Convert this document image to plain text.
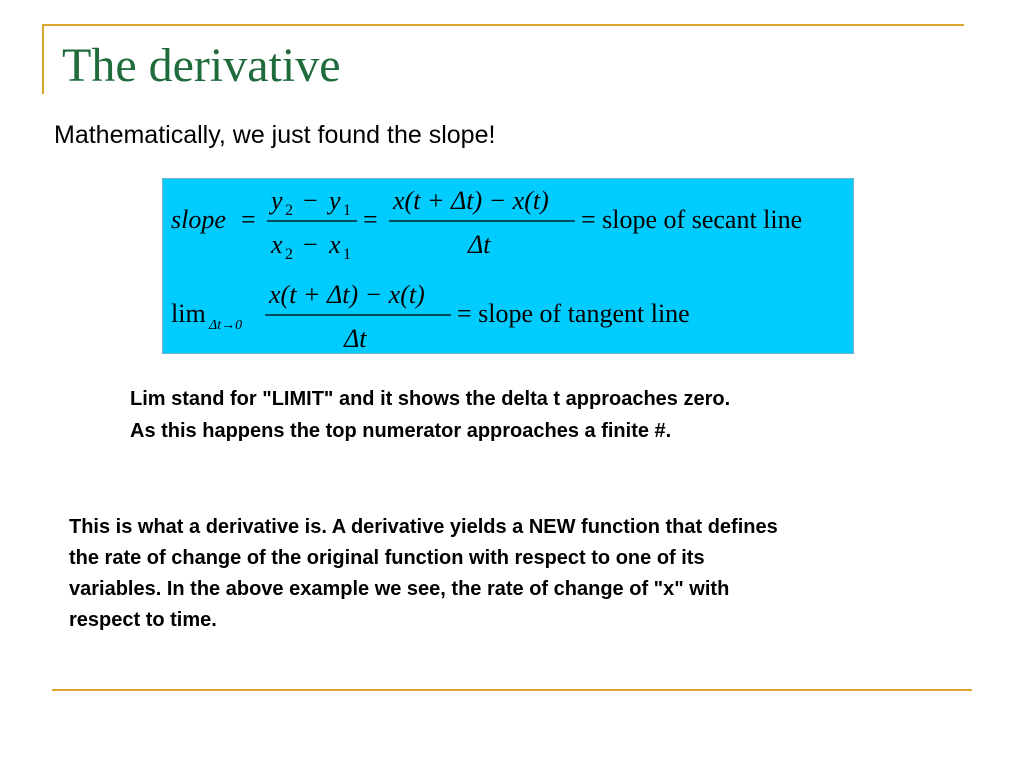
The derivative

Mathematically, we just found the slope!

slope =
y 2 − y 1
x 2 − x 1
=
x(t + Δt) − x(t)
Δt
= slope of secant line
lim Δt→0
x(t + Δt) − x(t)
Δt
= slope of tangent line
Lim stand for "LIMIT" and it shows the delta t approaches zero.
As this happens the top numerator approaches a finite #.
This is what a derivative is. A derivative yields a NEW function that defines
the rate of change of the original function with respect to one of its
variables. In the above example we see, the rate of change of "x" with
respect to time.
